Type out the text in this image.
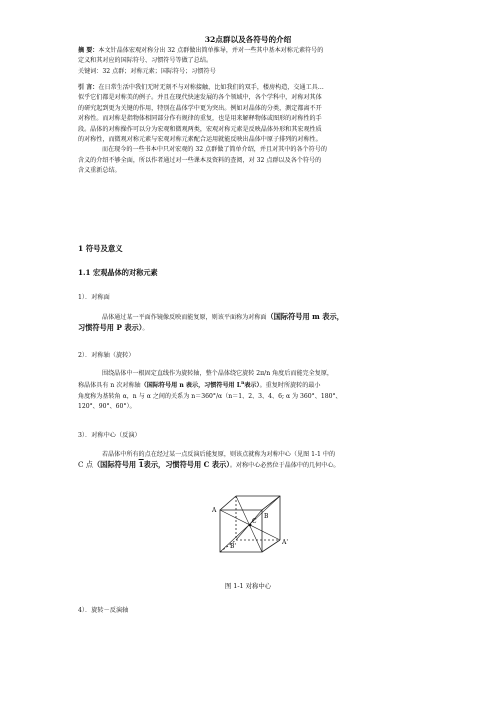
32点群以及各符号的介绍
摘 要：本文针晶体宏观对称分出 32 点群做出简单推导，并对一些其中基本对称元素符号的
定义和其对应的国际符号、习惯符号等做了总结。
关键词：32 点群；对称元素；国际符号；习惯符号
引 言：在日常生活中我们无时无刻不与对称接触，比如我们的双手，楼房构造，交通工具…
似乎它们都是对称美的例子。并且在现代快速发展的各个领域中，各个学科中，对称对其体
的研究起到更为关键的作用，特别在晶体学中更为突出。例如对晶体的分类，测定都离不开
对称性。而对称是指物体相同部分作有规律的重复，也是用来解释物体或图形的对称性的手
段。晶体的对称操作可以分为宏观和微观两类，宏观对称元素是反映晶体外形和其宏观性质
的对称性，而微观对称元素与宏观对称元素配合运用就能反映出晶体中原子排列的对称性。
而在现今的一些书本中只对宏观的 32 点群做了简单介绍，并且对其中的各个符号的
含义的介绍不够全面，所以作者通过对一些课本及资料的查阅，对 32 点群以及各个符号的
含义重新总结。
1 符号及意义
1.1 宏观晶体的对称元素
1）．对称面
晶体通过某一平面作镜像反映而能复原，则该平面称为对称面（国际符号用 m 表示，
习惯符号用 P 表示）。
2）．对称轴（旋转）
围绕晶体中一根固定直线作为旋转轴，整个晶体绕它旋转 2π/n 角度后而能完全复原，
称晶体具有 n 次对称轴（国际符号用 n 表示，习惯符号用 $L^n$表示）。重复时所旋转的最小
角度称为基转角 α，n 与 α 之间的关系为 n＝360°/α（n＝1、2、3、4、6; α 为 360°、180°、
120°、90°、60°）。
3）．对称中心（反演）
若晶体中所有的点在经过某一点反演后能复原，则该点就称为对称中心（见图 1-1 中的
C 点（国际符号用 1表示，习惯符号用 C 表示）。对称中心必然位于晶体中的几何中心。
A
B
C
A'
B'
图 1-1 对称中心
4）．旋转－反演轴
